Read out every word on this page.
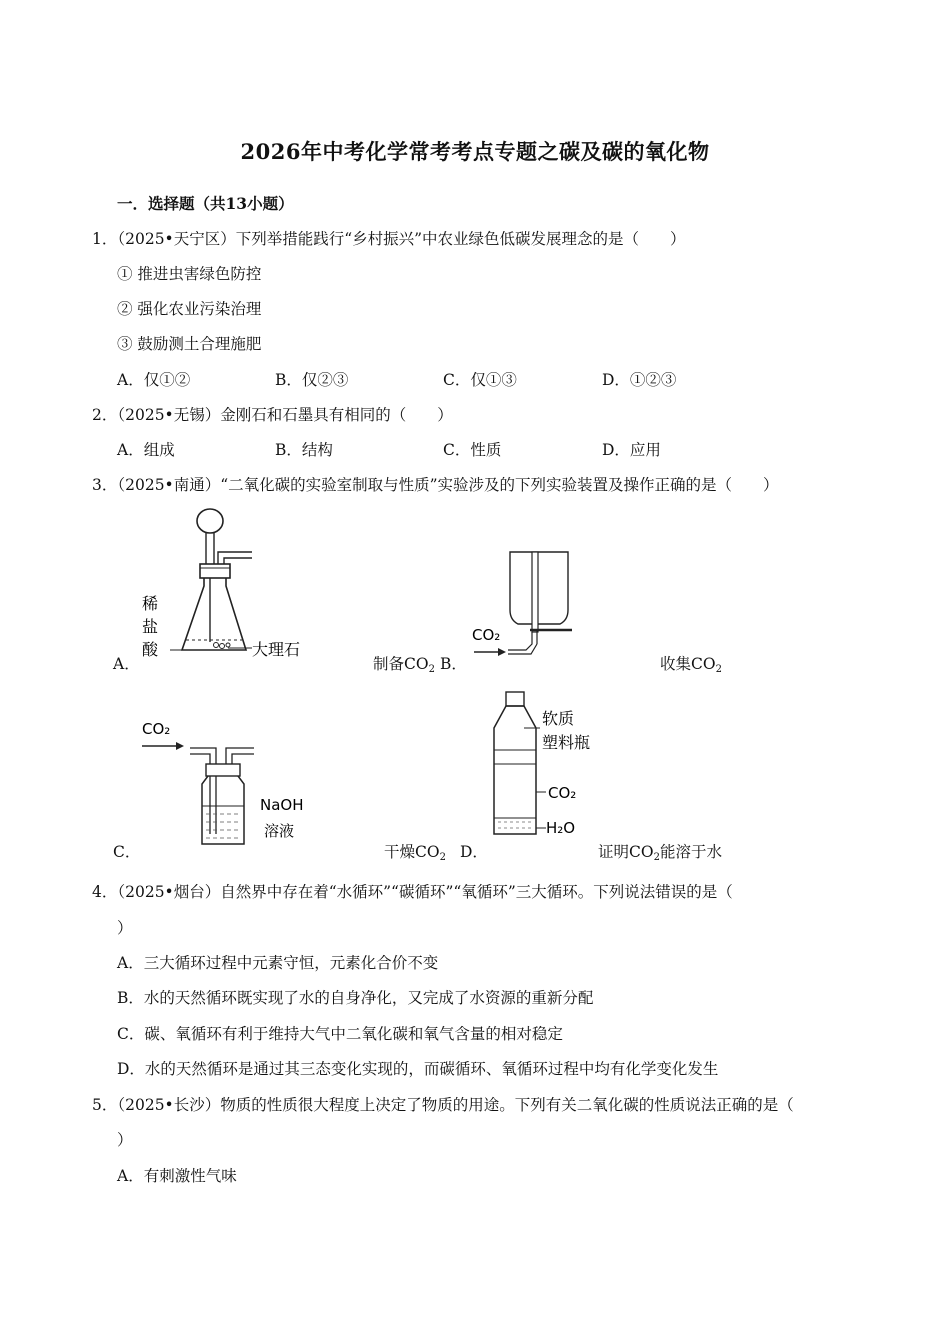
2026年中考化学常考考点专题之碳及碳的氧化物
一．选择题（共13小题）
1．（2025•天宁区）下列举措能践行“乡村振兴”中农业绿色低碳发展理念的是（　　）
① 推进虫害绿色防控
② 强化农业污染治理
③ 鼓励测土合理施肥
A．仅①②	B．仅②③	C．仅①③	D．①②③
2．（2025•无锡）金刚石和石墨具有相同的（　　）
A．组成	B．结构	C．性质	D．应用
3．（2025•南通）“二氧化碳的实验室制取与性质”实验涉及的下列实验装置及操作正确的是（　　）
稀
盐
酸	大理石
A．	制备$CO_2$ B．
CO₂
收集$CO_2$
CO₂
NaOH
溶液
C．	干燥$CO_2$ D．
软质
塑料瓶
CO₂
H₂O
证明$CO_2$能溶于水
4．（2025•烟台）自然界中存在着“水循环”“碳循环”“氧循环”三大循环。下列说法错误的是（
）
A．三大循环过程中元素守恒，元素化合价不变
B．水的天然循环既实现了水的自身净化，又完成了水资源的重新分配
C．碳、氧循环有利于维持大气中二氧化碳和氧气含量的相对稳定
D．水的天然循环是通过其三态变化实现的，而碳循环、氧循环过程中均有化学变化发生
5．（2025•长沙）物质的性质很大程度上决定了物质的用途。下列有关二氧化碳的性质说法正确的是（
）
A．有刺激性气味
